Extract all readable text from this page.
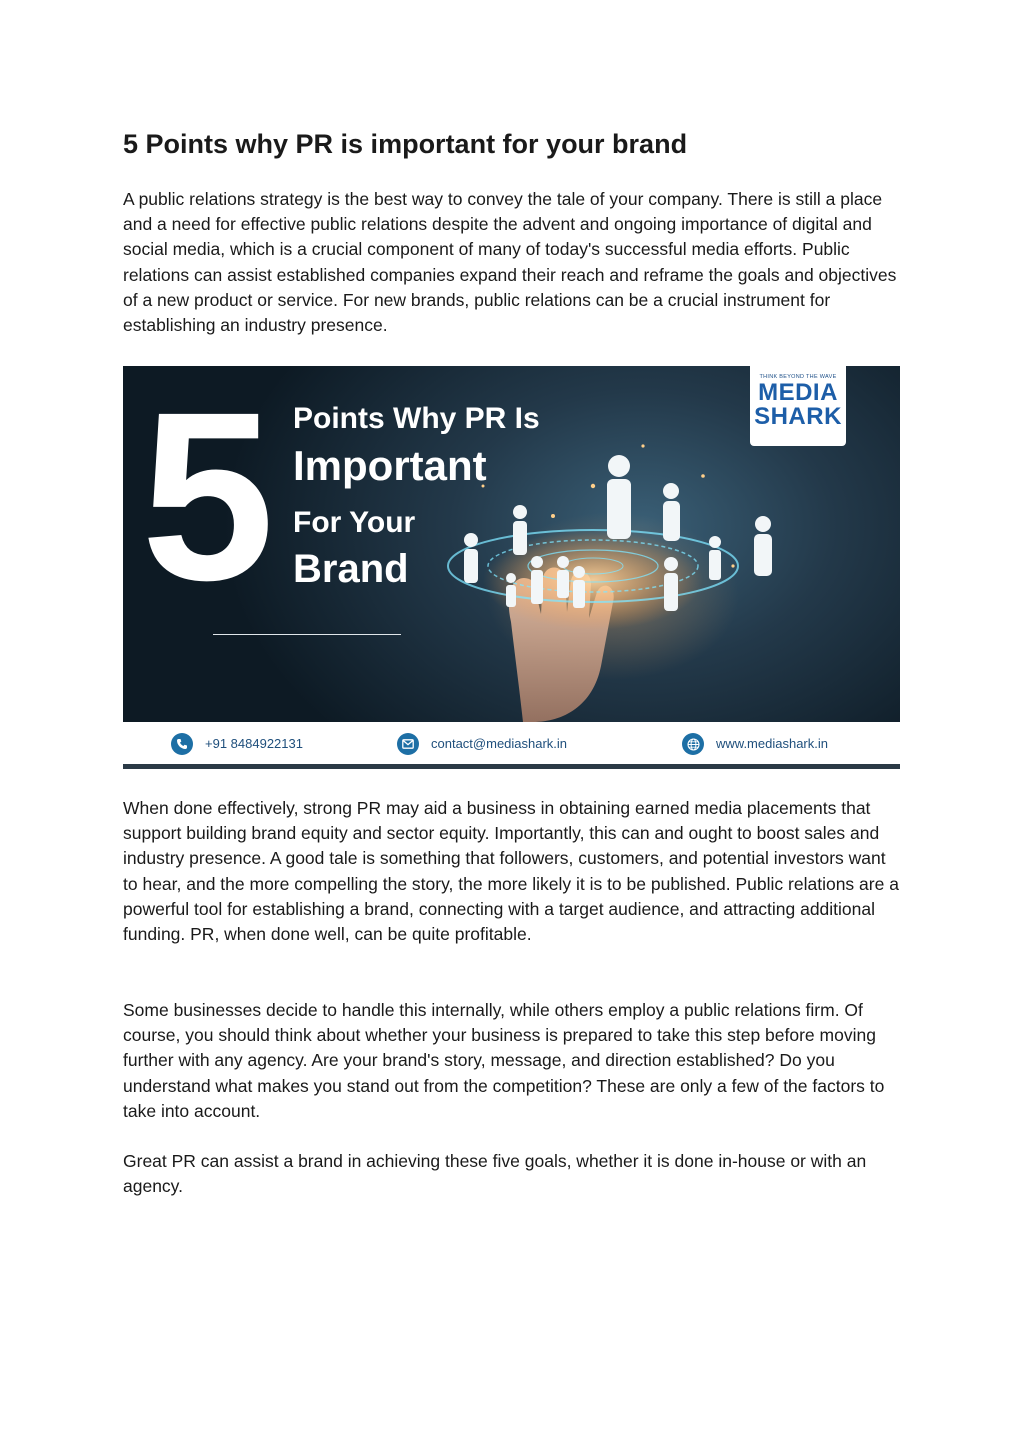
5 Points why PR is important for your brand

A public relations strategy is the best way to convey the tale of your company. There is still a place and a need for effective public relations despite the advent and ongoing importance of digital and social media, which is a crucial component of many of today's successful media efforts. Public relations can assist established companies expand their reach and reframe the goals and objectives of a new product or service. For new brands, public relations can be a crucial instrument for establishing an industry presence.

5 Points Why PR Is
Important
For Your
Brand
THINK BEYOND THE WAVE
MEDIA
SHARK
+91 8484922131	contact@mediashark.in	www.mediashark.in

When done effectively, strong PR may aid a business in obtaining earned media placements that support building brand equity and sector equity. Importantly, this can and ought to boost sales and industry presence. A good tale is something that followers, customers, and potential investors want to hear, and the more compelling the story, the more likely it is to be published. Public relations are a powerful tool for establishing a brand, connecting with a target audience, and attracting additional funding. PR, when done well, can be quite profitable.

Some businesses decide to handle this internally, while others employ a public relations firm. Of course, you should think about whether your business is prepared to take this step before moving further with any agency. Are your brand's story, message, and direction established? Do you understand what makes you stand out from the competition? These are only a few of the factors to take into account.

Great PR can assist a brand in achieving these five goals, whether it is done in-house or with an agency.
